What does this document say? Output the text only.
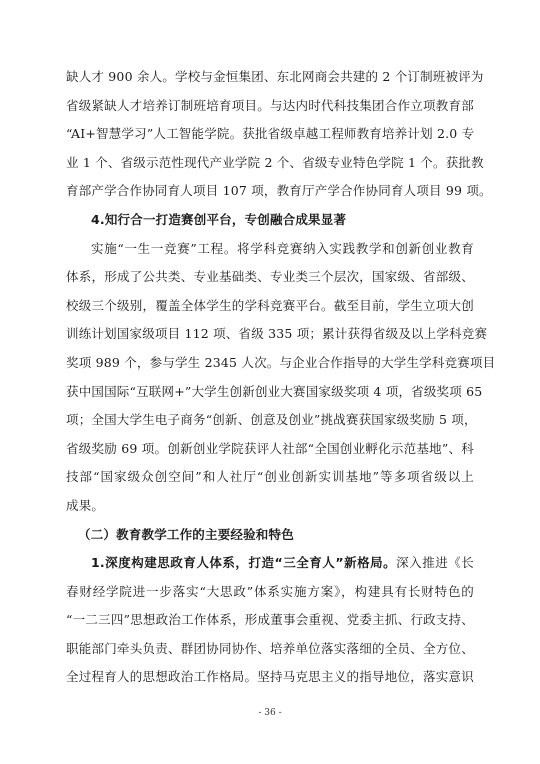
缺人才 900 余人。学校与金恒集团、东北网商会共建的 2 个订制班被评为
省级紧缺人才培养订制班培育项目。与达内时代科技集团合作立项教育部
“AI+智慧学习”人工智能学院。获批省级卓越工程师教育培养计划 2.0 专
业 1 个、省级示范性现代产业学院 2 个、省级专业特色学院 1 个。获批教
育部产学合作协同育人项目 107 项，教育厅产学合作协同育人项目 99 项。
4.知行合一打造赛创平台，专创融合成果显著
实施“一生一竞赛”工程。将学科竞赛纳入实践教学和创新创业教育
体系，形成了公共类、专业基础类、专业类三个层次，国家级、省部级、
校级三个级别，覆盖全体学生的学科竞赛平台。截至目前，学生立项大创
训练计划国家级项目 112 项、省级 335 项；累计获得省级及以上学科竞赛
奖项 989 个，参与学生 2345 人次。与企业合作指导的大学生学科竞赛项目
获中国国际“互联网+”大学生创新创业大赛国家级奖项 4 项，省级奖项 65
项；全国大学生电子商务“创新、创意及创业”挑战赛获国家级奖励 5 项，
省级奖励 69 项。创新创业学院获评人社部“全国创业孵化示范基地”、科
技部“国家级众创空间”和人社厅“创业创新实训基地”等多项省级以上
成果。
（二）教育教学工作的主要经验和特色
1.深度构建思政育人体系，打造“三全育人”新格局。深入推进《长
春财经学院进一步落实“大思政”体系实施方案》，构建具有长财特色的
“一二三四”思想政治工作体系，形成董事会重视、党委主抓、行政支持、
职能部门牵头负责、群团协同协作、培养单位落实落细的全员、全方位、
全过程育人的思想政治工作格局。坚持马克思主义的指导地位，落实意识
- 36 -
